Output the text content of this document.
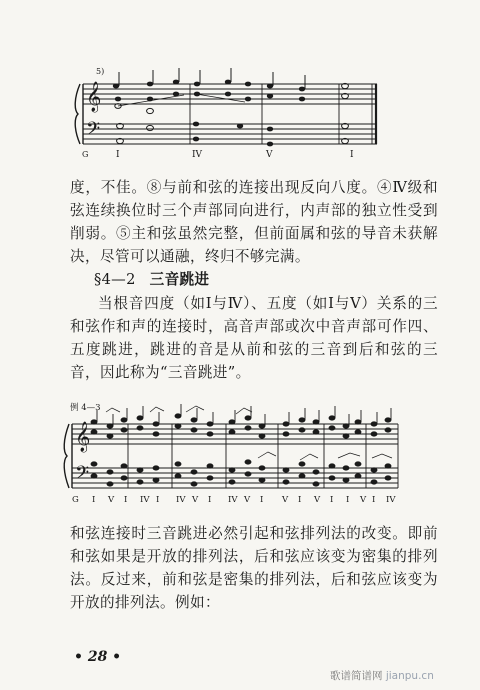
𝄞
𝄢
5)
G	I	IV	V	I
度，不佳。⑧与前和弦的连接出现反向八度。④Ⅳ级和弦连续换位时三个声部同向进行，内声部的独立性受到削弱。⑤主和弦虽然完整，但前面属和弦的导音未获解决，尽管可以通融，终归不够完满。
§4—2 三音跳进
当根音四度（如Ⅰ与Ⅳ）、五度（如Ⅰ与Ⅴ）关系的三和弦作和声的连接时，高音声部或次中音声部可作四、五度跳进，跳进的音是从前和弦的三音到后和弦的三音，因此称为“三音跳进”。
例 4—3
𝄞
𝄢
G I V I IV I IV V I IV V I V I V I I V I IV
和弦连接时三音跳进必然引起和弦排列法的改变。即前和弦如果是开放的排列法，后和弦应该变为密集的排列法。反过来，前和弦是密集的排列法，后和弦应该变为开放的排列法。例如：
• 28 •
歌谱简谱网 jianpu.cn
